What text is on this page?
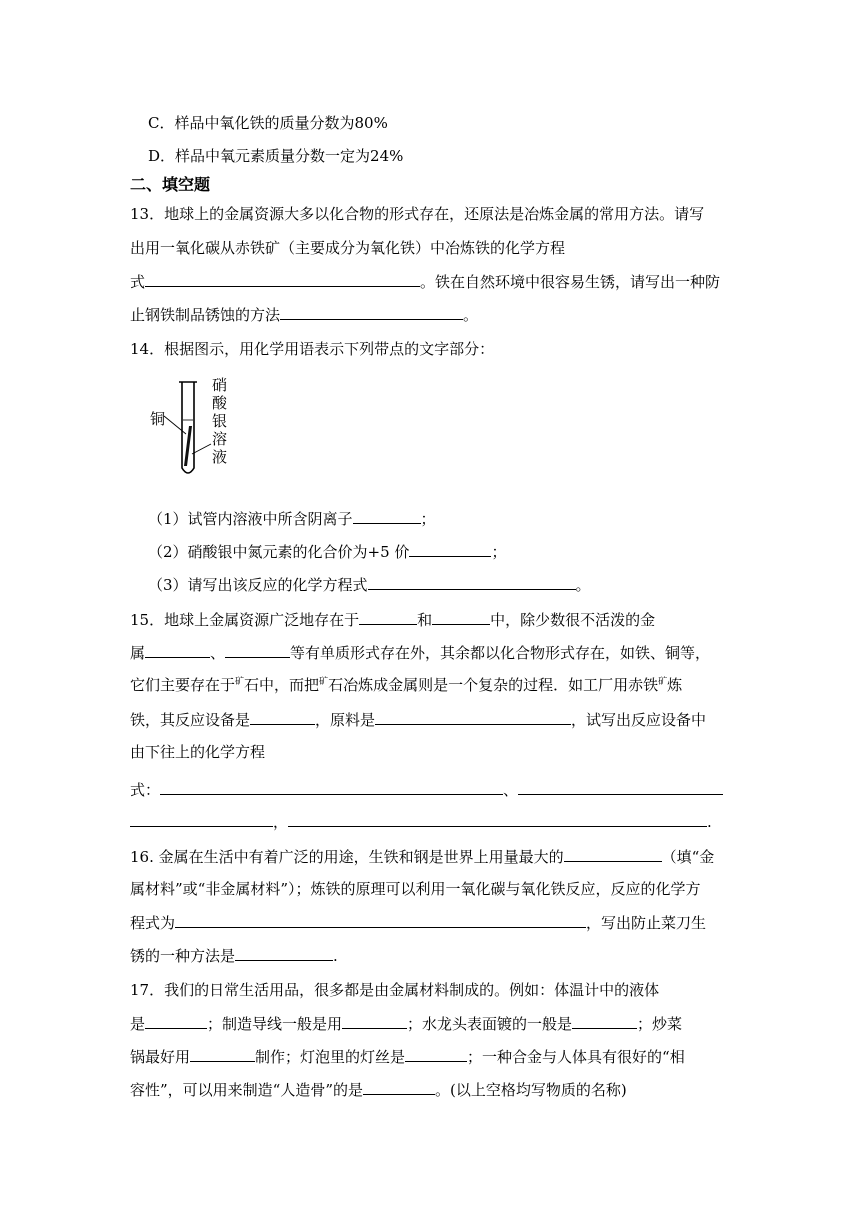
C．样品中氧化铁的质量分数为80%
D．样品中氧元素质量分数一定为24%
二、填空题
13．地球上的金属资源大多以化合物的形式存在，还原法是冶炼金属的常用方法。请写
出用一氧化碳从赤铁矿（主要成分为氧化铁）中冶炼铁的化学方程
式	。铁在自然环境中很容易生锈，请写出一种防
止钢铁制品锈蚀的方法	。
14．根据图示，用化学用语表示下列带点的文字部分：
铜
硝
酸
银
溶
液
（1）试管内溶液中所含阴离子	；
（2）硝酸银中氮元素的化合价为+5 价	；
（3）请写出该反应的化学方程式	。
15．地球上金属资源广泛地存在于	和	中，除少数很不活泼的金
属	、	等有单质形式存在外，其余都以化合物形式存在，如铁、铜等，
它们主要存在于$^矿$石中，而把$^矿$石冶炼成金属则是一个复杂的过程．如工厂用赤铁$^矿$炼
铁，其反应设备是	，原料是	，试写出反应设备中
由下往上的化学方程
式：	、
，	.
16. 金属在生活中有着广泛的用途，生铁和钢是世界上用量最大的	（填“金
属材料”或“非金属材料”）；炼铁的原理可以利用一氧化碳与氧化铁反应，反应的化学方
程式为	，写出防止菜刀生
锈的一种方法是	.
17．我们的日常生活用品，很多都是由金属材料制成的。例如：体温计中的液体
是	；制造导线一般是用	；水龙头表面镀的一般是	；炒菜
锅最好用	制作；灯泡里的灯丝是	；一种合金与人体具有很好的“相
容性”，可以用来制造“人造骨”的是	。(以上空格均写物质的名称)
